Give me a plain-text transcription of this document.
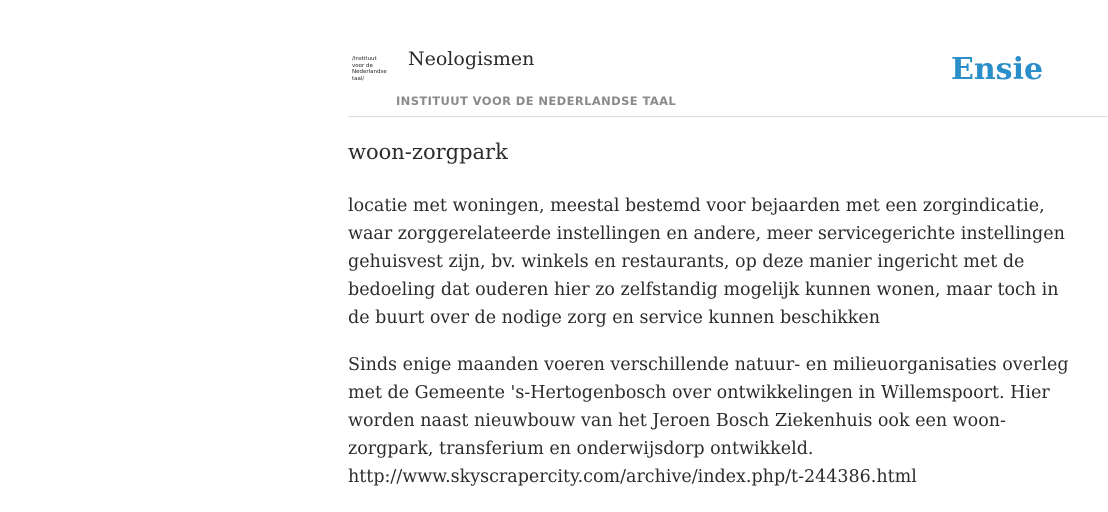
/instituut
voor de
Nederlandse
taal/
Neologismen
INSTITUUT VOOR DE NEDERLANDSE TAAL
Ensie
woon-zorgpark
locatie met woningen, meestal bestemd voor bejaarden met een zorgindicatie,
waar zorggerelateerde instellingen en andere, meer servicegerichte instellingen
gehuisvest zijn, bv. winkels en restaurants, op deze manier ingericht met de
bedoeling dat ouderen hier zo zelfstandig mogelijk kunnen wonen, maar toch in
de buurt over de nodige zorg en service kunnen beschikken
Sinds enige maanden voeren verschillende natuur- en milieuorganisaties overleg
met de Gemeente 's-Hertogenbosch over ontwikkelingen in Willemspoort. Hier
worden naast nieuwbouw van het Jeroen Bosch Ziekenhuis ook een woon-
zorgpark, transferium en onderwijsdorp ontwikkeld.
http://www.skyscrapercity.com/archive/index.php/t-244386.html
